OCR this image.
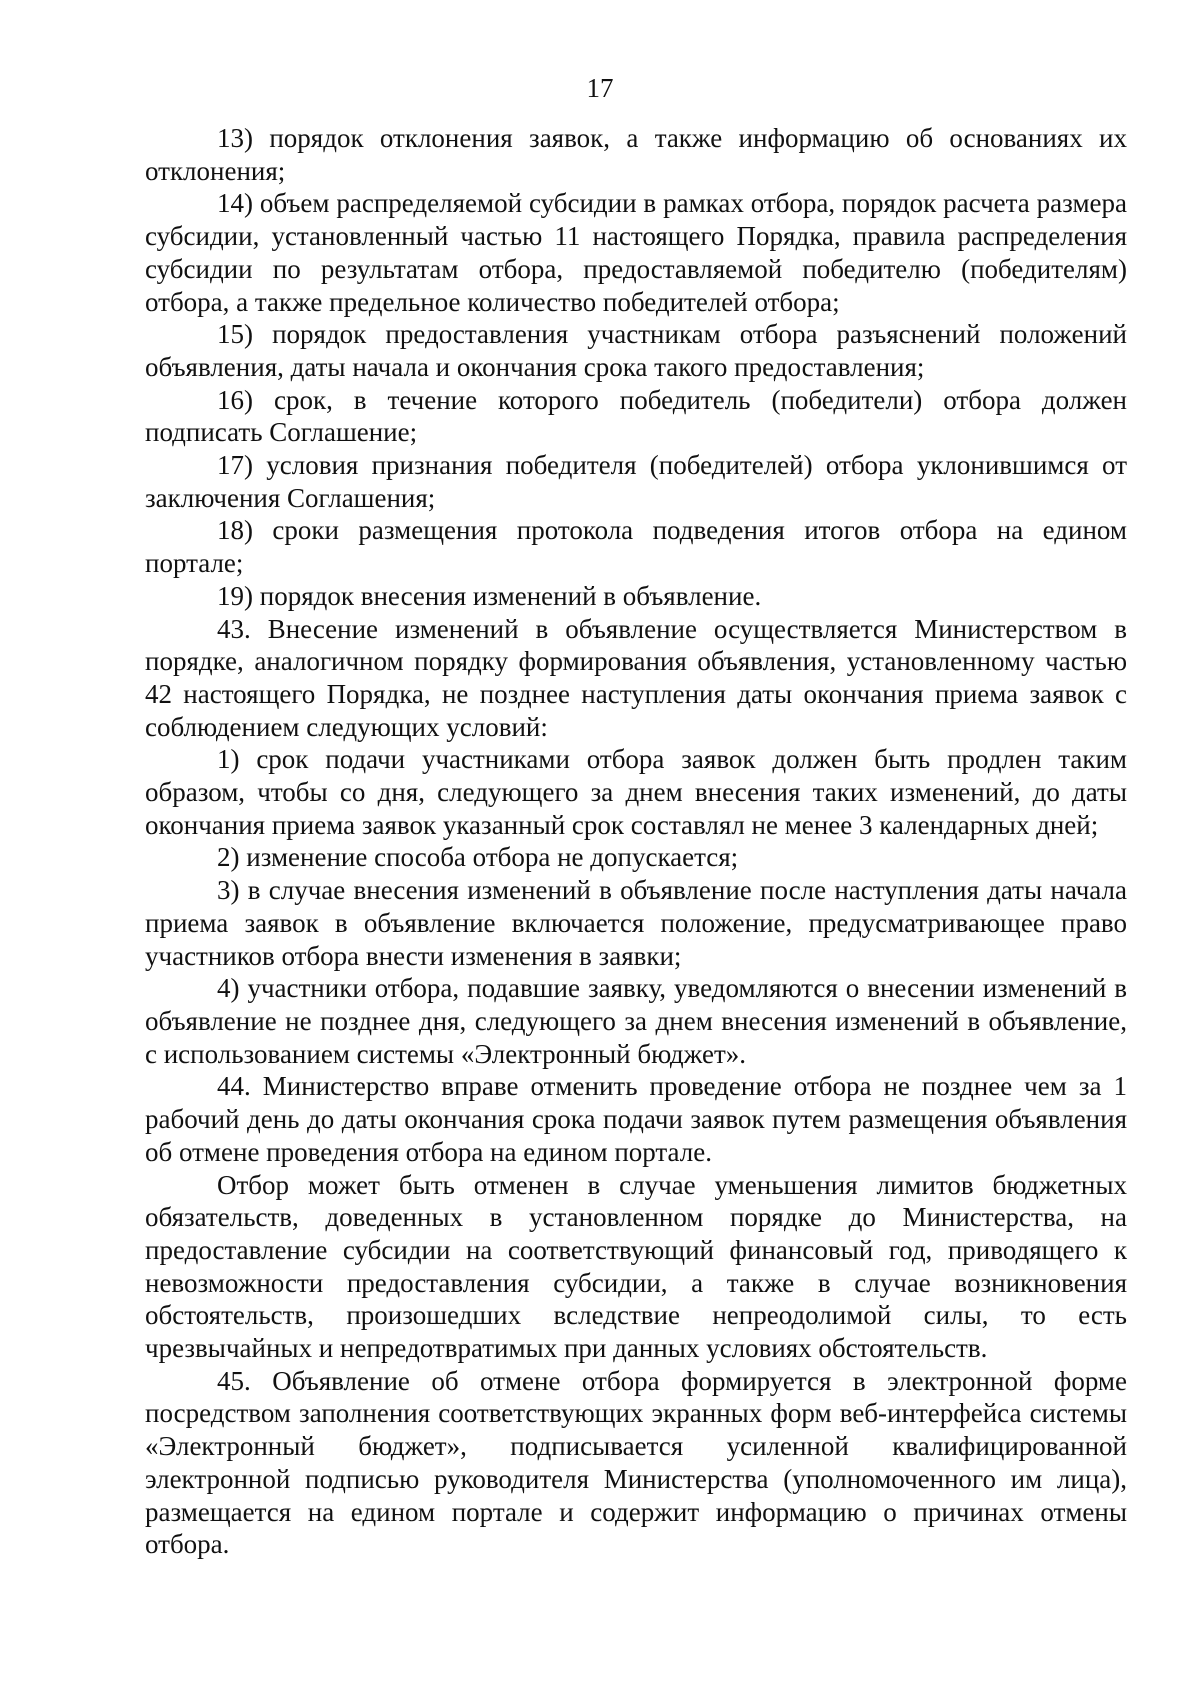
17

13) порядок отклонения заявок, а также информацию об основаниях их отклонения;

14) объем распределяемой субсидии в рамках отбора, порядок расчета размера субсидии, установленный частью 11 настоящего Порядка, правила распределения субсидии по результатам отбора, предоставляемой победителю (победителям) отбора, а также предельное количество победителей отбора;

15) порядок предоставления участникам отбора разъяснений положений объявления, даты начала и окончания срока такого предоставления;

16) срок, в течение которого победитель (победители) отбора должен подписать Соглашение;

17) условия признания победителя (победителей) отбора уклонившимся от заключения Соглашения;

18) сроки размещения протокола подведения итогов отбора на едином портале;

19) порядок внесения изменений в объявление.

43. Внесение изменений в объявление осуществляется Министерством в порядке, аналогичном порядку формирования объявления, установленному частью 42 настоящего Порядка, не позднее наступления даты окончания приема заявок с соблюдением следующих условий:

1) срок подачи участниками отбора заявок должен быть продлен таким образом, чтобы со дня, следующего за днем внесения таких изменений, до даты окончания приема заявок указанный срок составлял не менее 3 календарных дней;

2) изменение способа отбора не допускается;

3) в случае внесения изменений в объявление после наступления даты начала приема заявок в объявление включается положение, предусматривающее право участников отбора внести изменения в заявки;

4) участники отбора, подавшие заявку, уведомляются о внесении изменений в объявление не позднее дня, следующего за днем внесения изменений в объявление, с использованием системы «Электронный бюджет».

44. Министерство вправе отменить проведение отбора не позднее чем за 1 рабочий день до даты окончания срока подачи заявок путем размещения объявления об отмене проведения отбора на едином портале.

Отбор может быть отменен в случае уменьшения лимитов бюджетных обязательств, доведенных в установленном порядке до Министерства, на предоставление субсидии на соответствующий финансовый год, приводящего к невозможности предоставления субсидии, а также в случае возникновения обстоятельств, произошедших вследствие непреодолимой силы, то есть чрезвычайных и непредотвратимых при данных условиях обстоятельств.

45. Объявление об отмене отбора формируется в электронной форме посредством заполнения соответствующих экранных форм веб-интерфейса системы «Электронный бюджет», подписывается усиленной квалифицированной электронной подписью руководителя Министерства (уполномоченного им лица), размещается на едином портале и содержит информацию о причинах отмены отбора.
